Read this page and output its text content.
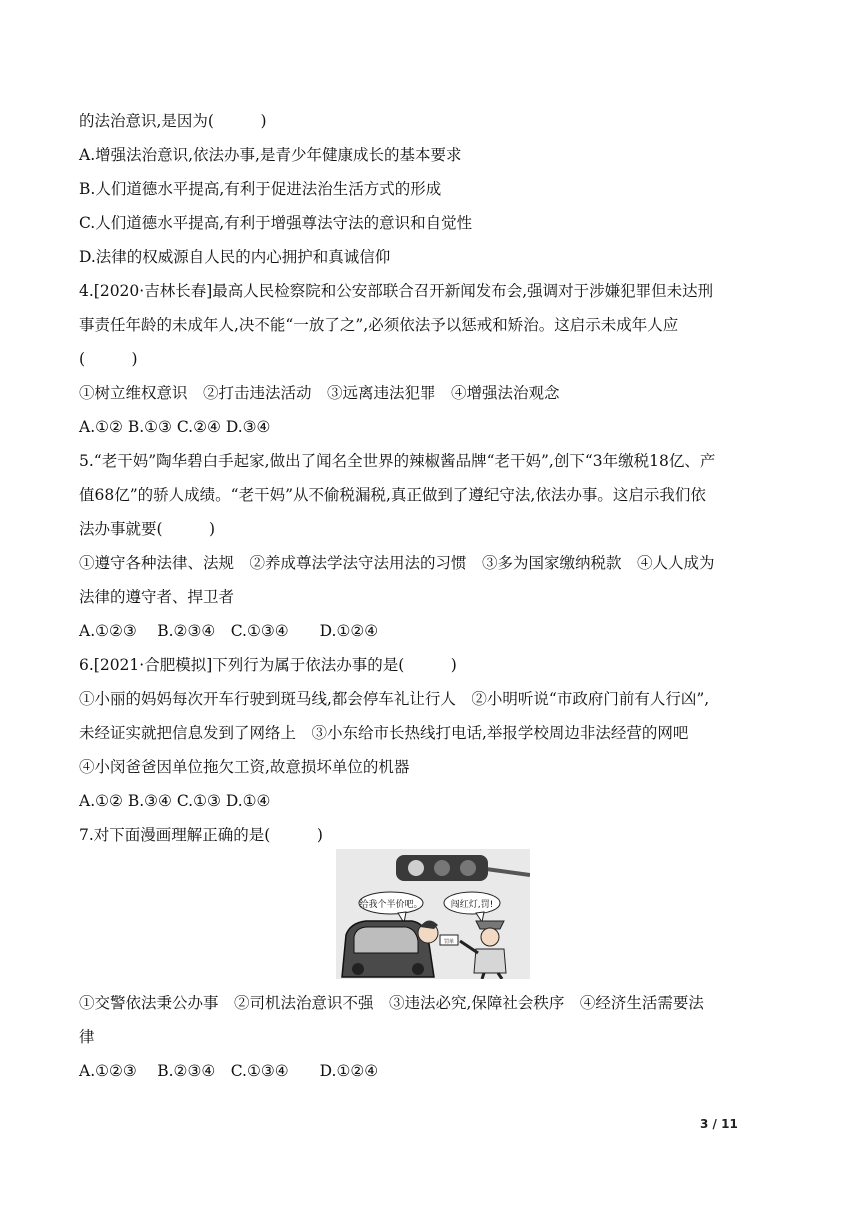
的法治意识,是因为(　　　)
A.增强法治意识,依法办事,是青少年健康成长的基本要求
B.人们道德水平提高,有利于促进法治生活方式的形成
C.人们道德水平提高,有利于增强尊法守法的意识和自觉性
D.法律的权威源自人民的内心拥护和真诚信仰
4.[2020·吉林长春]最高人民检察院和公安部联合召开新闻发布会,强调对于涉嫌犯罪但未达刑
事责任年龄的未成年人,决不能“一放了之”,必须依法予以惩戒和矫治。这启示未成年人应
(　　　)
①树立维权意识　②打击违法活动　③远离违法犯罪　④增强法治观念
A.①② B.①③ C.②④ D.③④
5.“老干妈”陶华碧白手起家,做出了闻名全世界的辣椒酱品牌“老干妈”,创下“3年缴税18亿、产
值68亿”的骄人成绩。“老干妈”从不偷税漏税,真正做到了遵纪守法,依法办事。这启示我们依
法办事就要(　　　)
①遵守各种法律、法规　②养成尊法学法守法用法的习惯　③多为国家缴纳税款　④人人成为
法律的遵守者、捍卫者
A.①②③　 B.②③④　C.①③④　　D.①②④
6.[2021·合肥模拟]下列行为属于依法办事的是(　　　)
①小丽的妈妈每次开车行驶到斑马线,都会停车礼让行人　②小明听说“市政府门前有人行凶”,
未经证实就把信息发到了网络上　③小东给市长热线打电话,举报学校周边非法经营的网吧
④小闵爸爸因单位拖欠工资,故意损坏单位的机器
A.①② B.③④ C.①③ D.①④
7.对下面漫画理解正确的是(　　　)
①交警依法秉公办事　②司机法治意识不强　③违法必究,保障社会秩序　④经济生活需要法
律
A.①②③　 B.②③④　C.①③④　　D.①②④
给我个半价吧。	闯红灯,罚!
罚单
3 / 11
